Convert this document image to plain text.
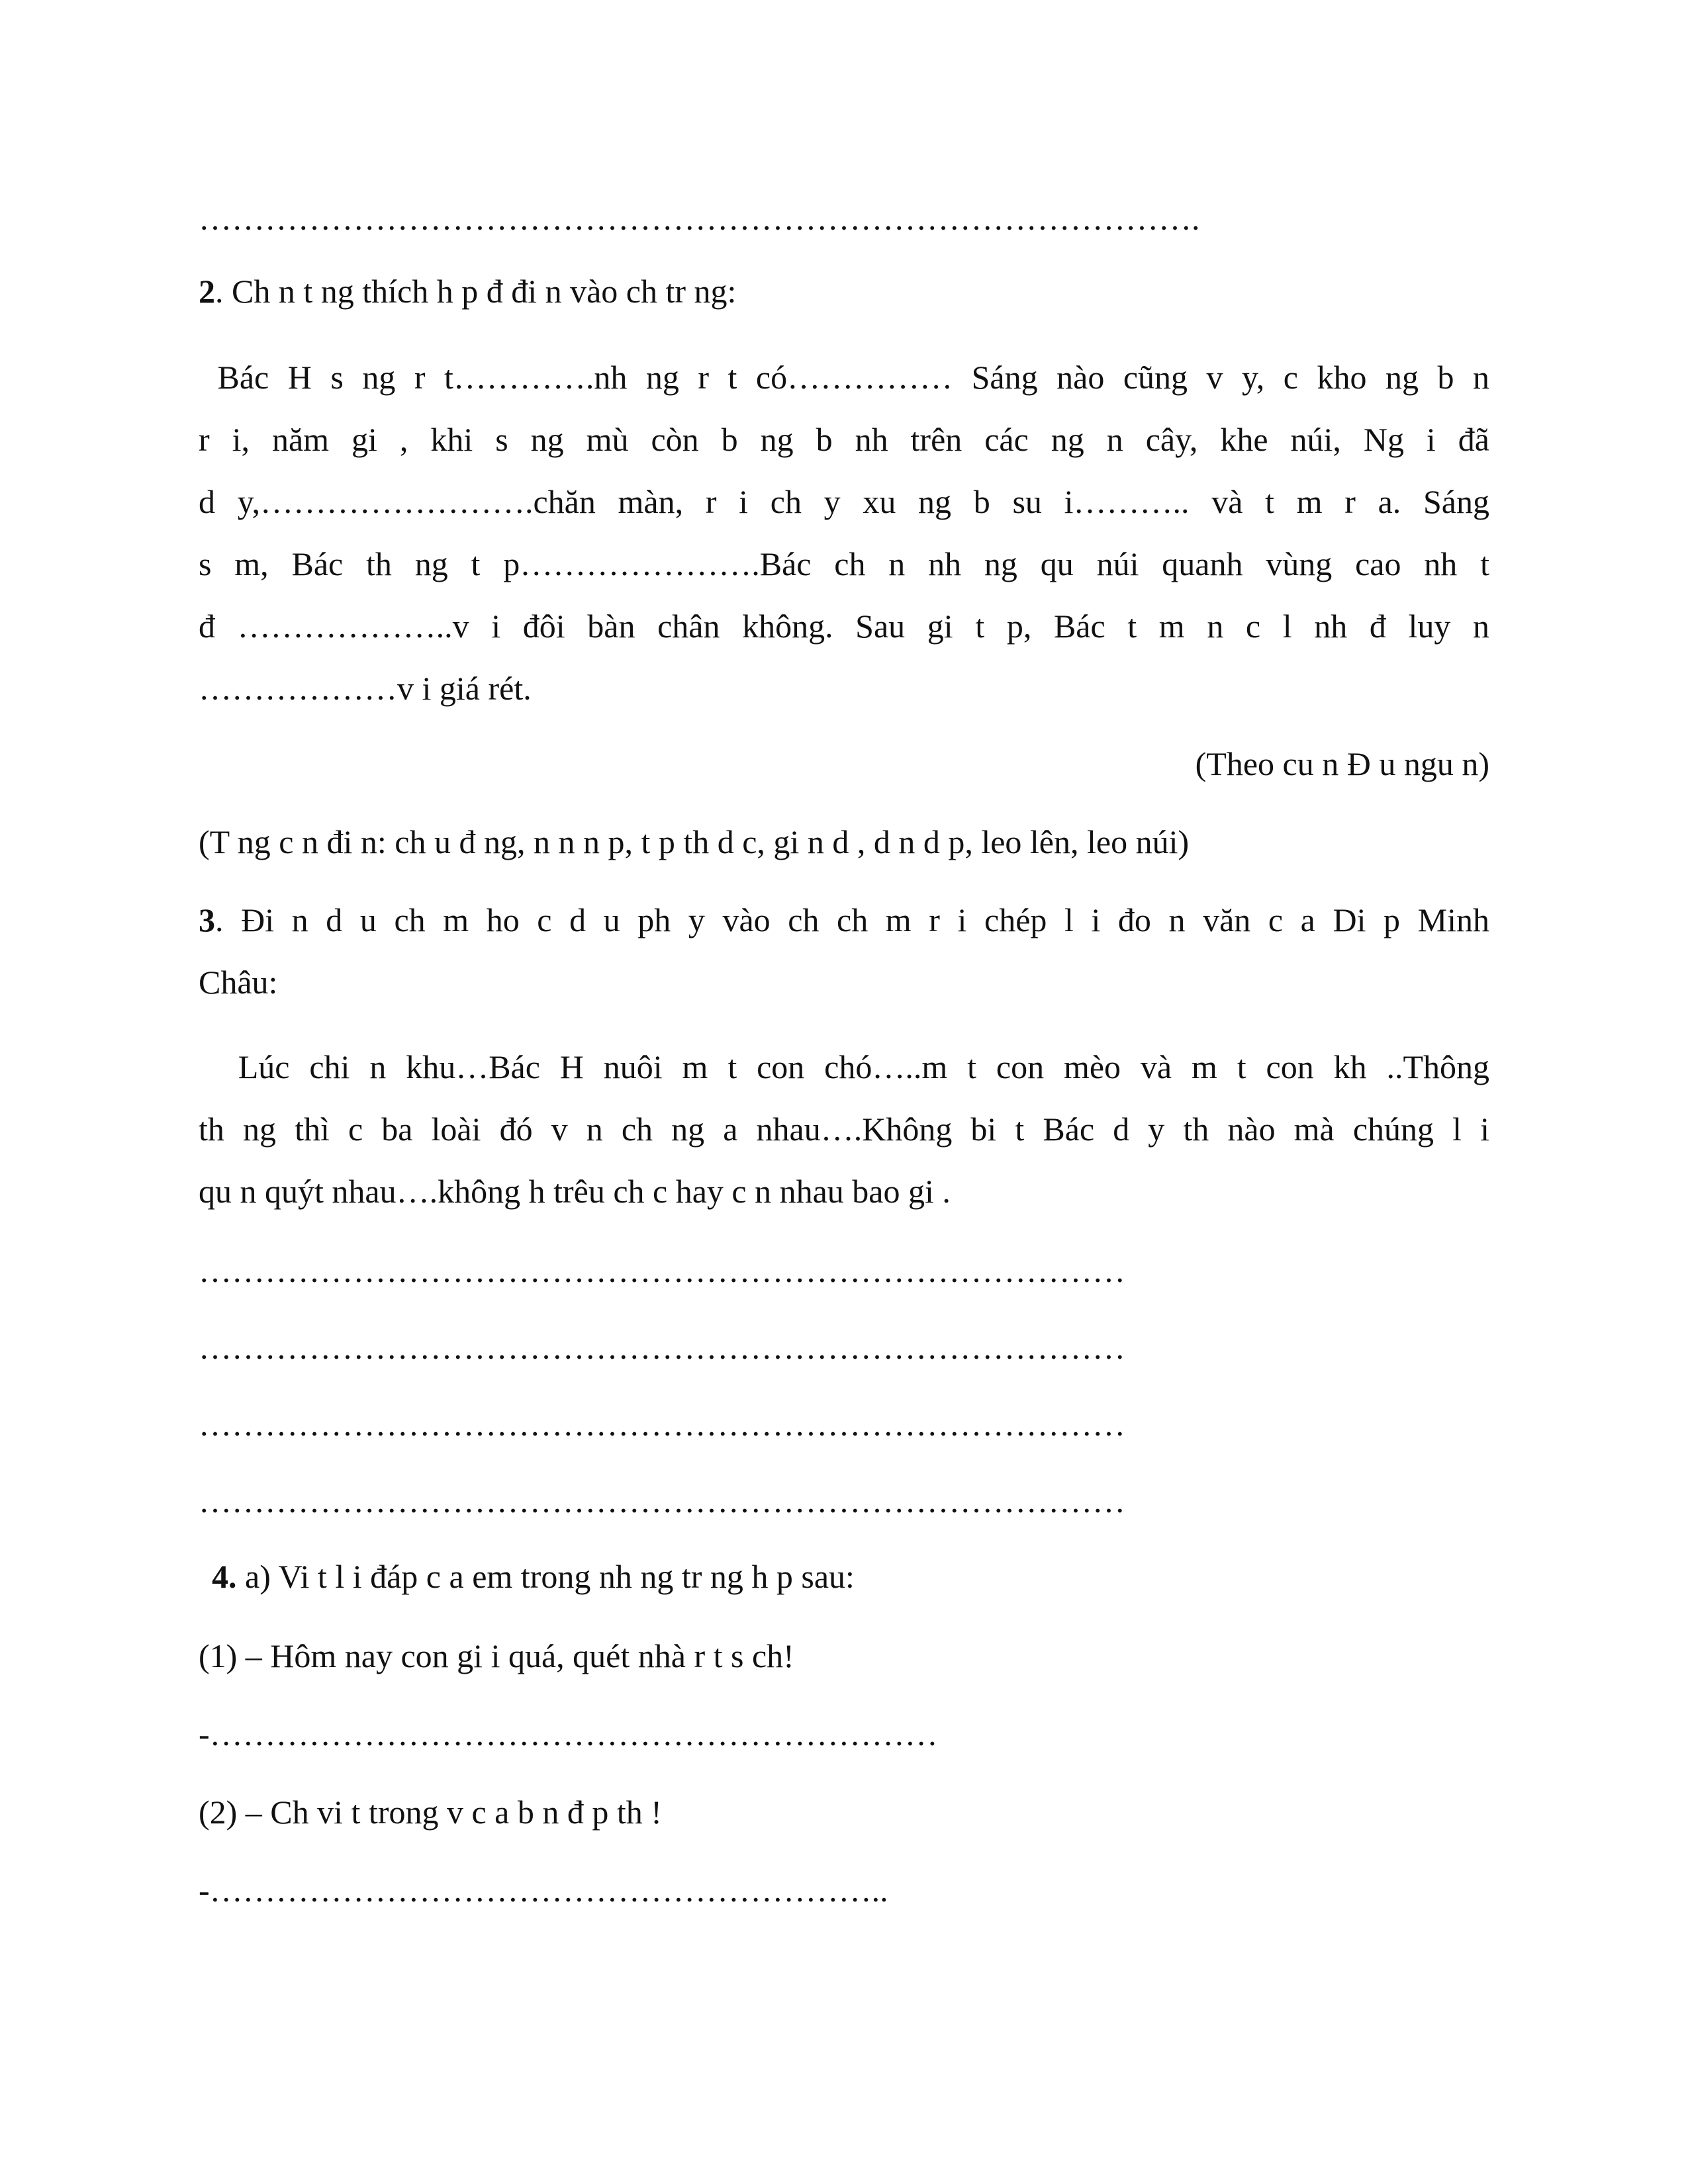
……………………………………………………………………………….
2. Ch n t ng thích h p đ đi n vào ch tr ng:
Bác H s ng r t………….nh ng r t có…………… Sáng nào cũng v y, c kho ng b n
r i, năm gi , khi s ng mù còn b ng b nh trên các ng n cây, khe núi, Ng i đã
d y,…………………….chăn màn, r i ch y xu ng b su i……….. và t m r a. Sáng
s m, Bác th ng t p………………….Bác ch n nh ng qu núi quanh vùng cao nh t
đ ………………..v i đôi bàn chân không. Sau gi t p, Bác t m n c l nh đ luy n
………………v i giá rét.
(Theo cu n Đ u ngu n)
(T ng c n đi n: ch u đ ng, n n n p, t p th d c, gi n d , d n d p, leo lên, leo núi)
3. Đi n d u ch m ho c d u ph y vào ch ch m r i chép l i đo n văn c a Di p Minh
Châu:
Lúc chi n khu…Bác H nuôi m t con chó…..m t con mèo và m t con kh ..Thông
th ng thì c ba loài đó v n ch ng a nhau….Không bi t Bác d y th nào mà chúng l i
qu n quýt nhau….không h trêu ch c hay c n nhau bao gi .
…………………………………………………………………………
…………………………………………………………………………
…………………………………………………………………………
…………………………………………………………………………
4. a) Vi t l i đáp c a em trong nh ng tr ng h p sau:
(1) – Hôm nay con gi i quá, quét nhà r t s ch!
-…………………………………………………………
(2) – Ch vi t trong v c a b n đ p th !
-……………………………………………………..
